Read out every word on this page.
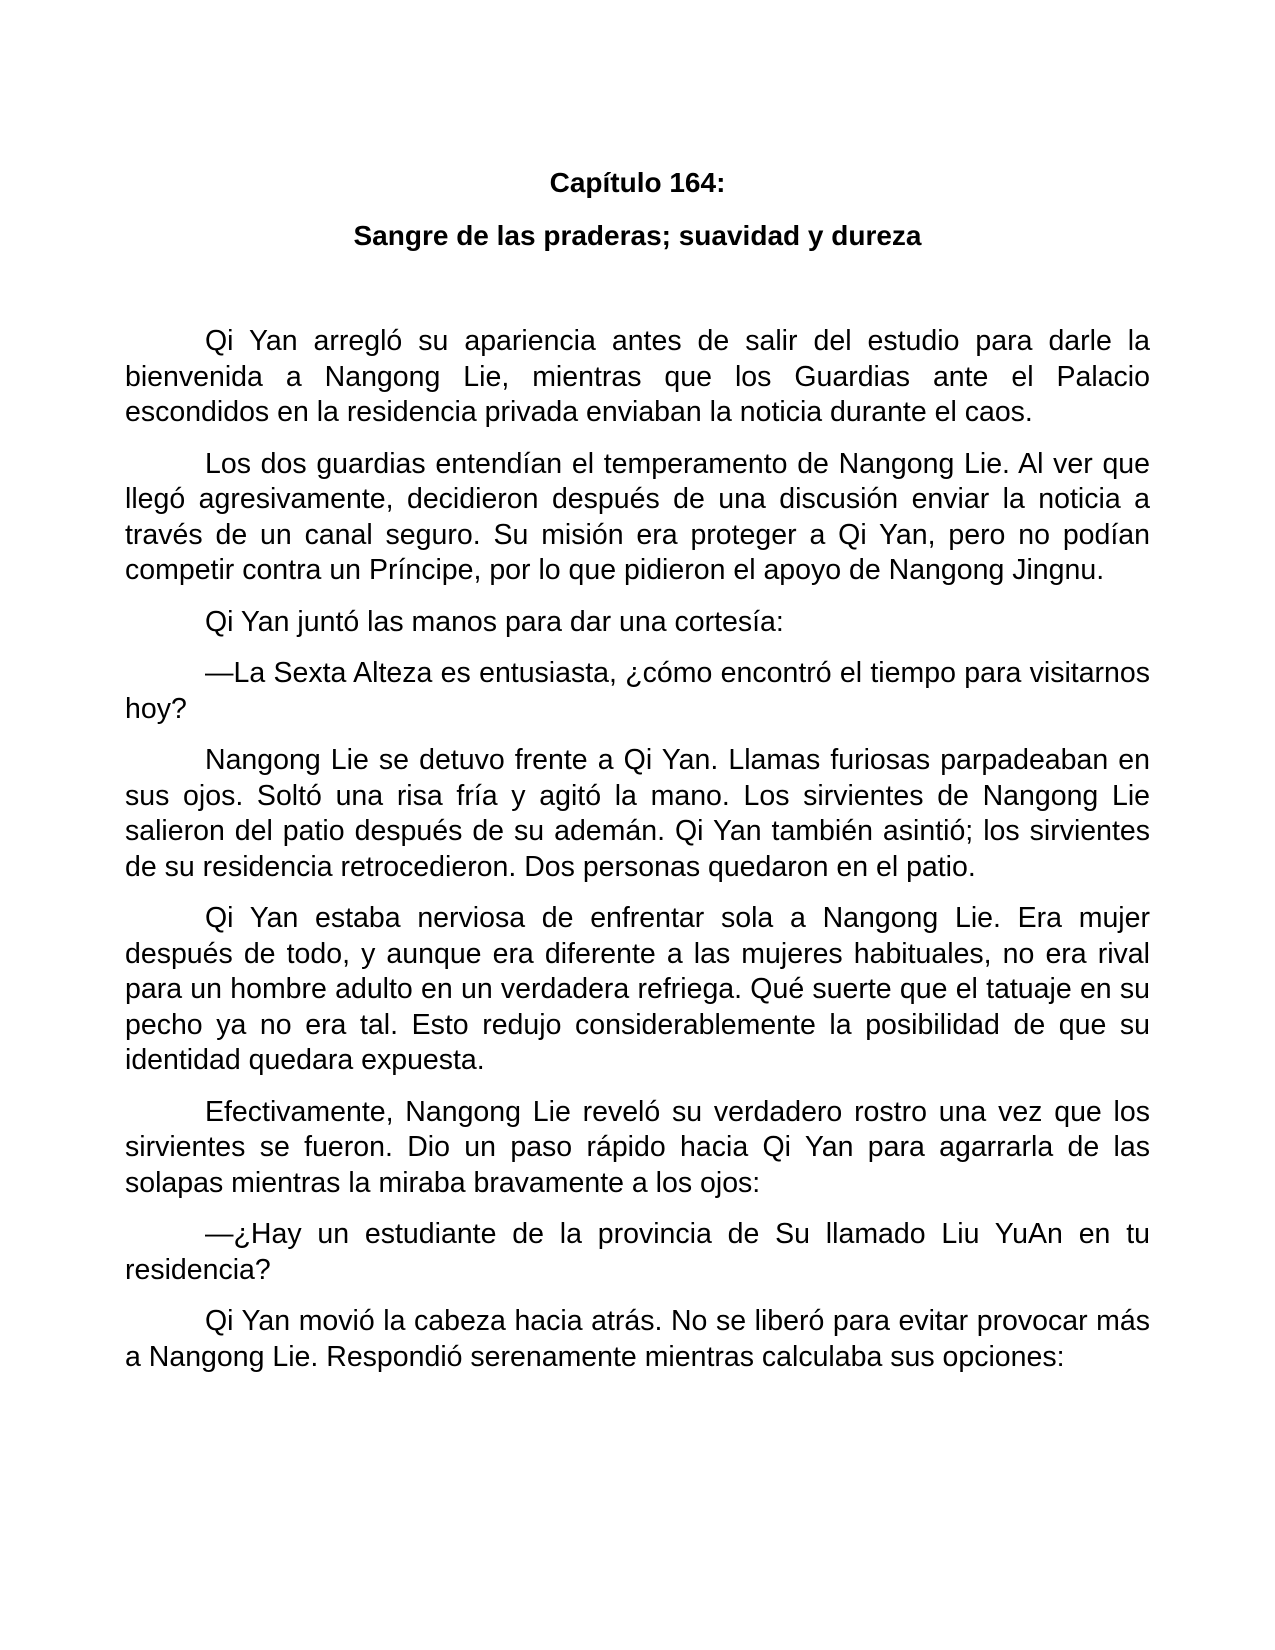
Capítulo 164:
Sangre de las praderas; suavidad y dureza

Qi Yan arregló su apariencia antes de salir del estudio para darle la bienvenida a Nangong Lie, mientras que los Guardias ante el Palacio escondidos en la residencia privada enviaban la noticia durante el caos.

Los dos guardias entendían el temperamento de Nangong Lie. Al ver que llegó agresivamente, decidieron después de una discusión enviar la noticia a través de un canal seguro. Su misión era proteger a Qi Yan, pero no podían competir contra un Príncipe, por lo que pidieron el apoyo de Nangong Jingnu.

Qi Yan juntó las manos para dar una cortesía:

—La Sexta Alteza es entusiasta, ¿cómo encontró el tiempo para visitarnos hoy?

Nangong Lie se detuvo frente a Qi Yan. Llamas furiosas parpadeaban en sus ojos. Soltó una risa fría y agitó la mano. Los sirvientes de Nangong Lie salieron del patio después de su ademán. Qi Yan también asintió; los sirvientes de su residencia retrocedieron. Dos personas quedaron en el patio.

Qi Yan estaba nerviosa de enfrentar sola a Nangong Lie. Era mujer después de todo, y aunque era diferente a las mujeres habituales, no era rival para un hombre adulto en un verdadera refriega. Qué suerte que el tatuaje en su pecho ya no era tal. Esto redujo considerablemente la posibilidad de que su identidad quedara expuesta.

Efectivamente, Nangong Lie reveló su verdadero rostro una vez que los sirvientes se fueron. Dio un paso rápido hacia Qi Yan para agarrarla de las solapas mientras la miraba bravamente a los ojos:

—¿Hay un estudiante de la provincia de Su llamado Liu YuAn en tu residencia?

Qi Yan movió la cabeza hacia atrás. No se liberó para evitar provocar más a Nangong Lie. Respondió serenamente mientras calculaba sus opciones:
